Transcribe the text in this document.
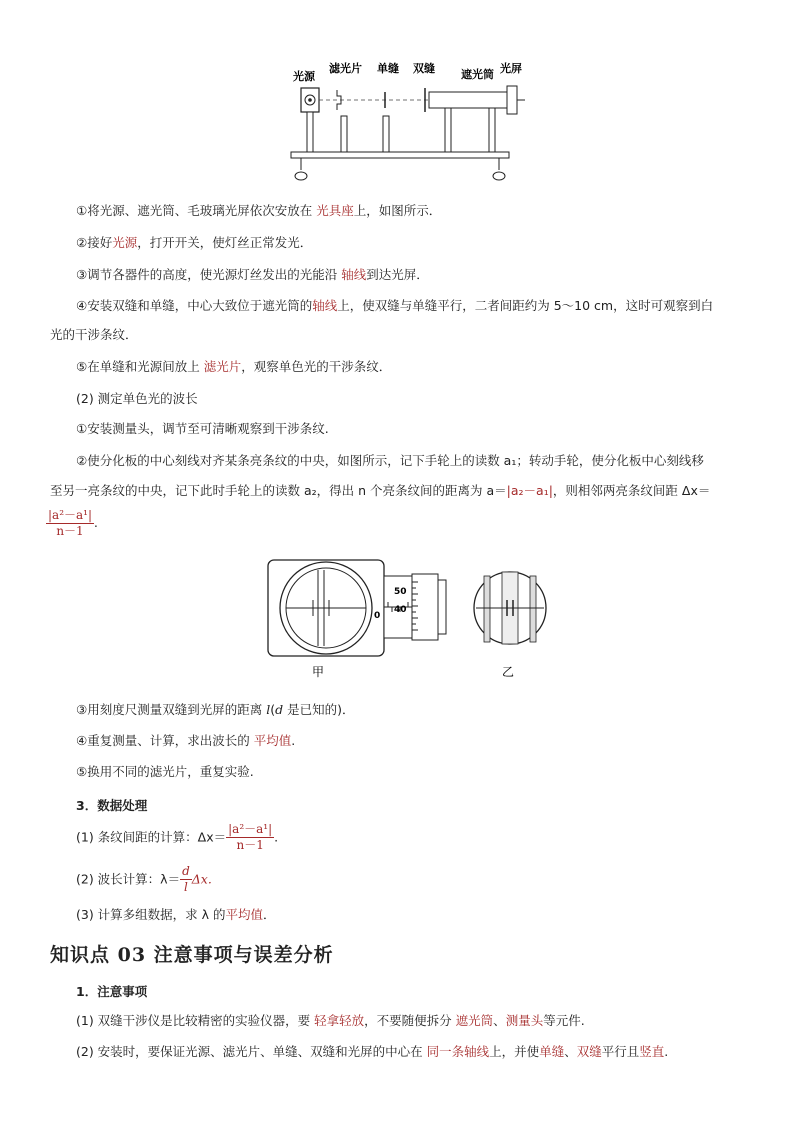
光源
滤光片 单缝 双缝 遮光筒 光屏
①将光源、遮光筒、毛玻璃光屏依次安放在 光具座上，如图所示．
②接好光源，打开开关，使灯丝正常发光．
③调节各器件的高度，使光源灯丝发出的光能沿 轴线到达光屏．
④安装双缝和单缝，中心大致位于遮光筒的轴线上，使双缝与单缝平行，二者间距约为 5～10 cm，这时可观察到白
光的干涉条纹．
⑤在单缝和光源间放上 滤光片，观察单色光的干涉条纹．
(2) 测定单色光的波长
①安装测量头，调节至可清晰观察到干涉条纹.
②使分化板的中心刻线对齐某条亮条纹的中央，如图所示，记下手轮上的读数 a₁；转动手轮，使分化板中心刻线移
至另一亮条纹的中央，记下此时手轮上的读数 a₂，得出 n 个亮条纹间的距离为 a＝|a₂－a₁|，则相邻两亮条纹间距 Δx＝
$\frac{\text{|a²－a¹|}}{n-1}$ .
50
40
0
甲	乙
③用刻度尺测量双缝到光屏的距离 l(d 是已知的)．
④重复测量、计算，求出波长的 平均值.
⑤换用不同的滤光片，重复实验.
3．数据处理
(1) 条纹间距的计算：$\Delta x= \frac{\text{|a²－a¹|}}{n-1}$ .
(2) 波长计算：$\lambda= \frac{d}{l} \Delta x$.
(3) 计算多组数据，求 λ 的平均值．
知识点 03 注意事项与误差分析
1．注意事项
(1) 双缝干涉仪是比较精密的实验仪器，要 轻拿轻放，不要随便拆分 遮光筒、测量头等元件.
(2) 安装时，要保证光源、滤光片、单缝、双缝和光屏的中心在 同一条轴线上，并使单缝、双缝平行且竖直.
